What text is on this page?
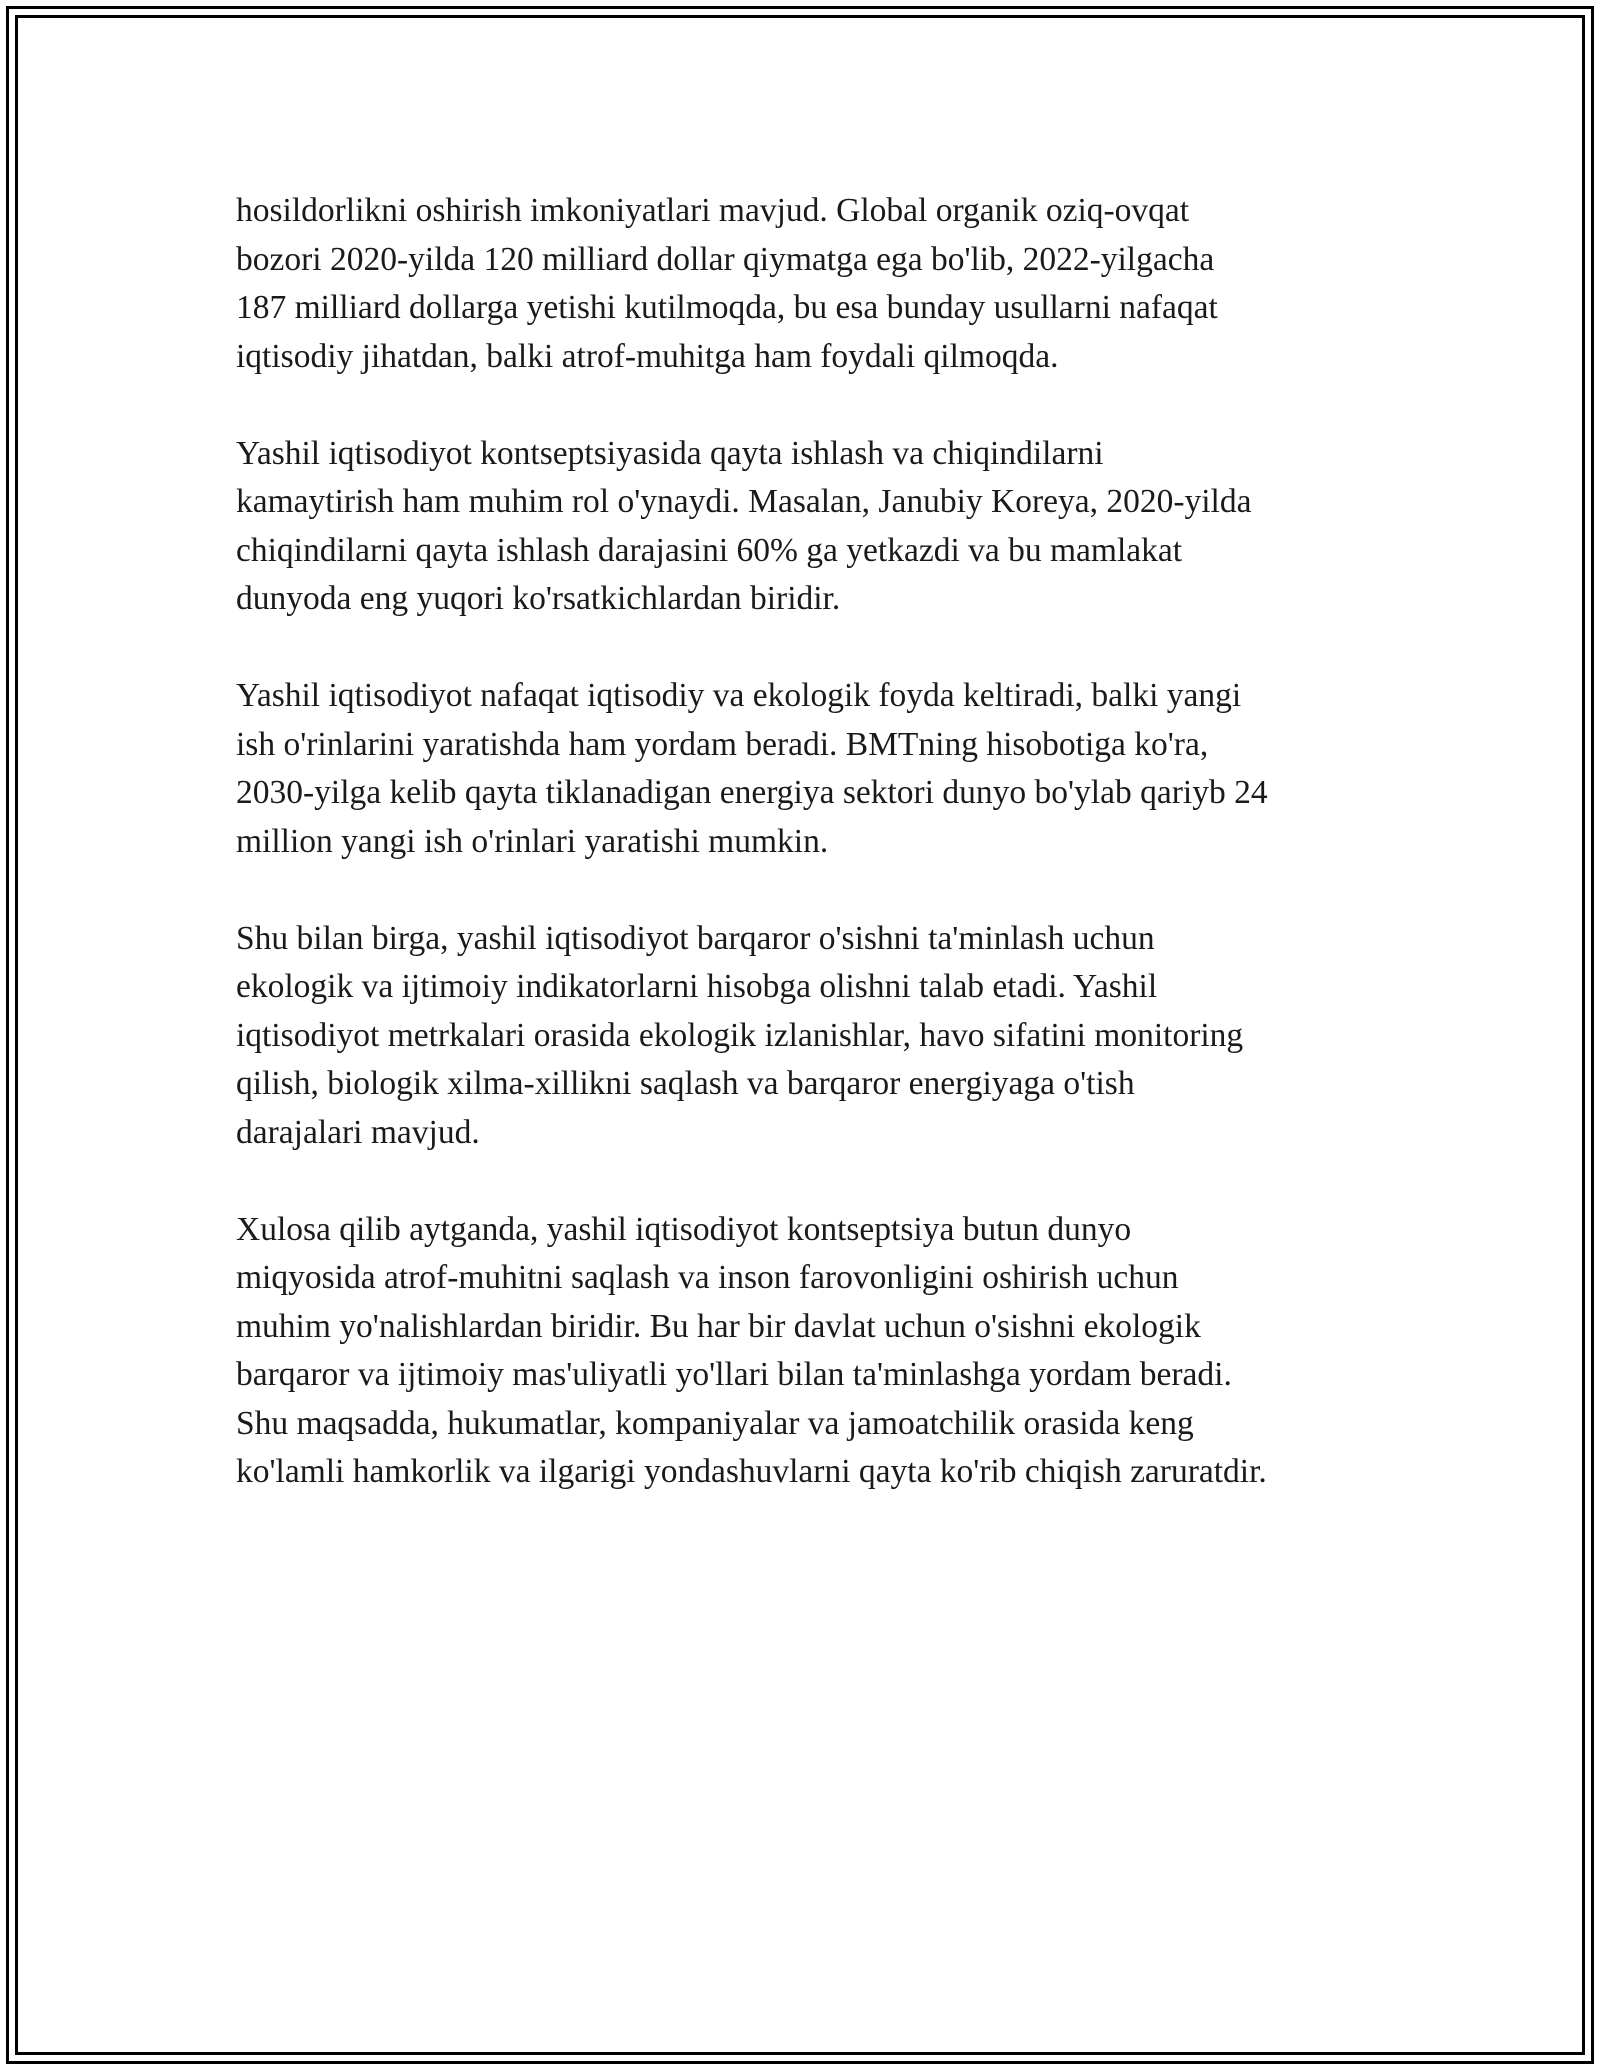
hosildorlikni oshirish imkoniyatlari mavjud. Global organik oziq-ovqat
bozori 2020-yilda 120 milliard dollar qiymatga ega bo'lib, 2022-yilgacha
187 milliard dollarga yetishi kutilmoqda, bu esa bunday usullarni nafaqat
iqtisodiy jihatdan, balki atrof-muhitga ham foydali qilmoqda.

Yashil iqtisodiyot kontseptsiyasida qayta ishlash va chiqindilarni
kamaytirish ham muhim rol o'ynaydi. Masalan, Janubiy Koreya, 2020-yilda
chiqindilarni qayta ishlash darajasini 60% ga yetkazdi va bu mamlakat
dunyoda eng yuqori ko'rsatkichlardan biridir.

Yashil iqtisodiyot nafaqat iqtisodiy va ekologik foyda keltiradi, balki yangi
ish o'rinlarini yaratishda ham yordam beradi. BMTning hisobotiga ko'ra,
2030-yilga kelib qayta tiklanadigan energiya sektori dunyo bo'ylab qariyb 24
million yangi ish o'rinlari yaratishi mumkin.

Shu bilan birga, yashil iqtisodiyot barqaror o'sishni ta'minlash uchun
ekologik va ijtimoiy indikatorlarni hisobga olishni talab etadi. Yashil
iqtisodiyot metrkalari orasida ekologik izlanishlar, havo sifatini monitoring
qilish, biologik xilma-xillikni saqlash va barqaror energiyaga o'tish
darajalari mavjud.

Xulosa qilib aytganda, yashil iqtisodiyot kontseptsiya butun dunyo
miqyosida atrof-muhitni saqlash va inson farovonligini oshirish uchun
muhim yo'nalishlardan biridir. Bu har bir davlat uchun o'sishni ekologik
barqaror va ijtimoiy mas'uliyatli yo'llari bilan ta'minlashga yordam beradi.
Shu maqsadda, hukumatlar, kompaniyalar va jamoatchilik orasida keng
ko'lamli hamkorlik va ilgarigi yondashuvlarni qayta ko'rib chiqish zaruratdir.
